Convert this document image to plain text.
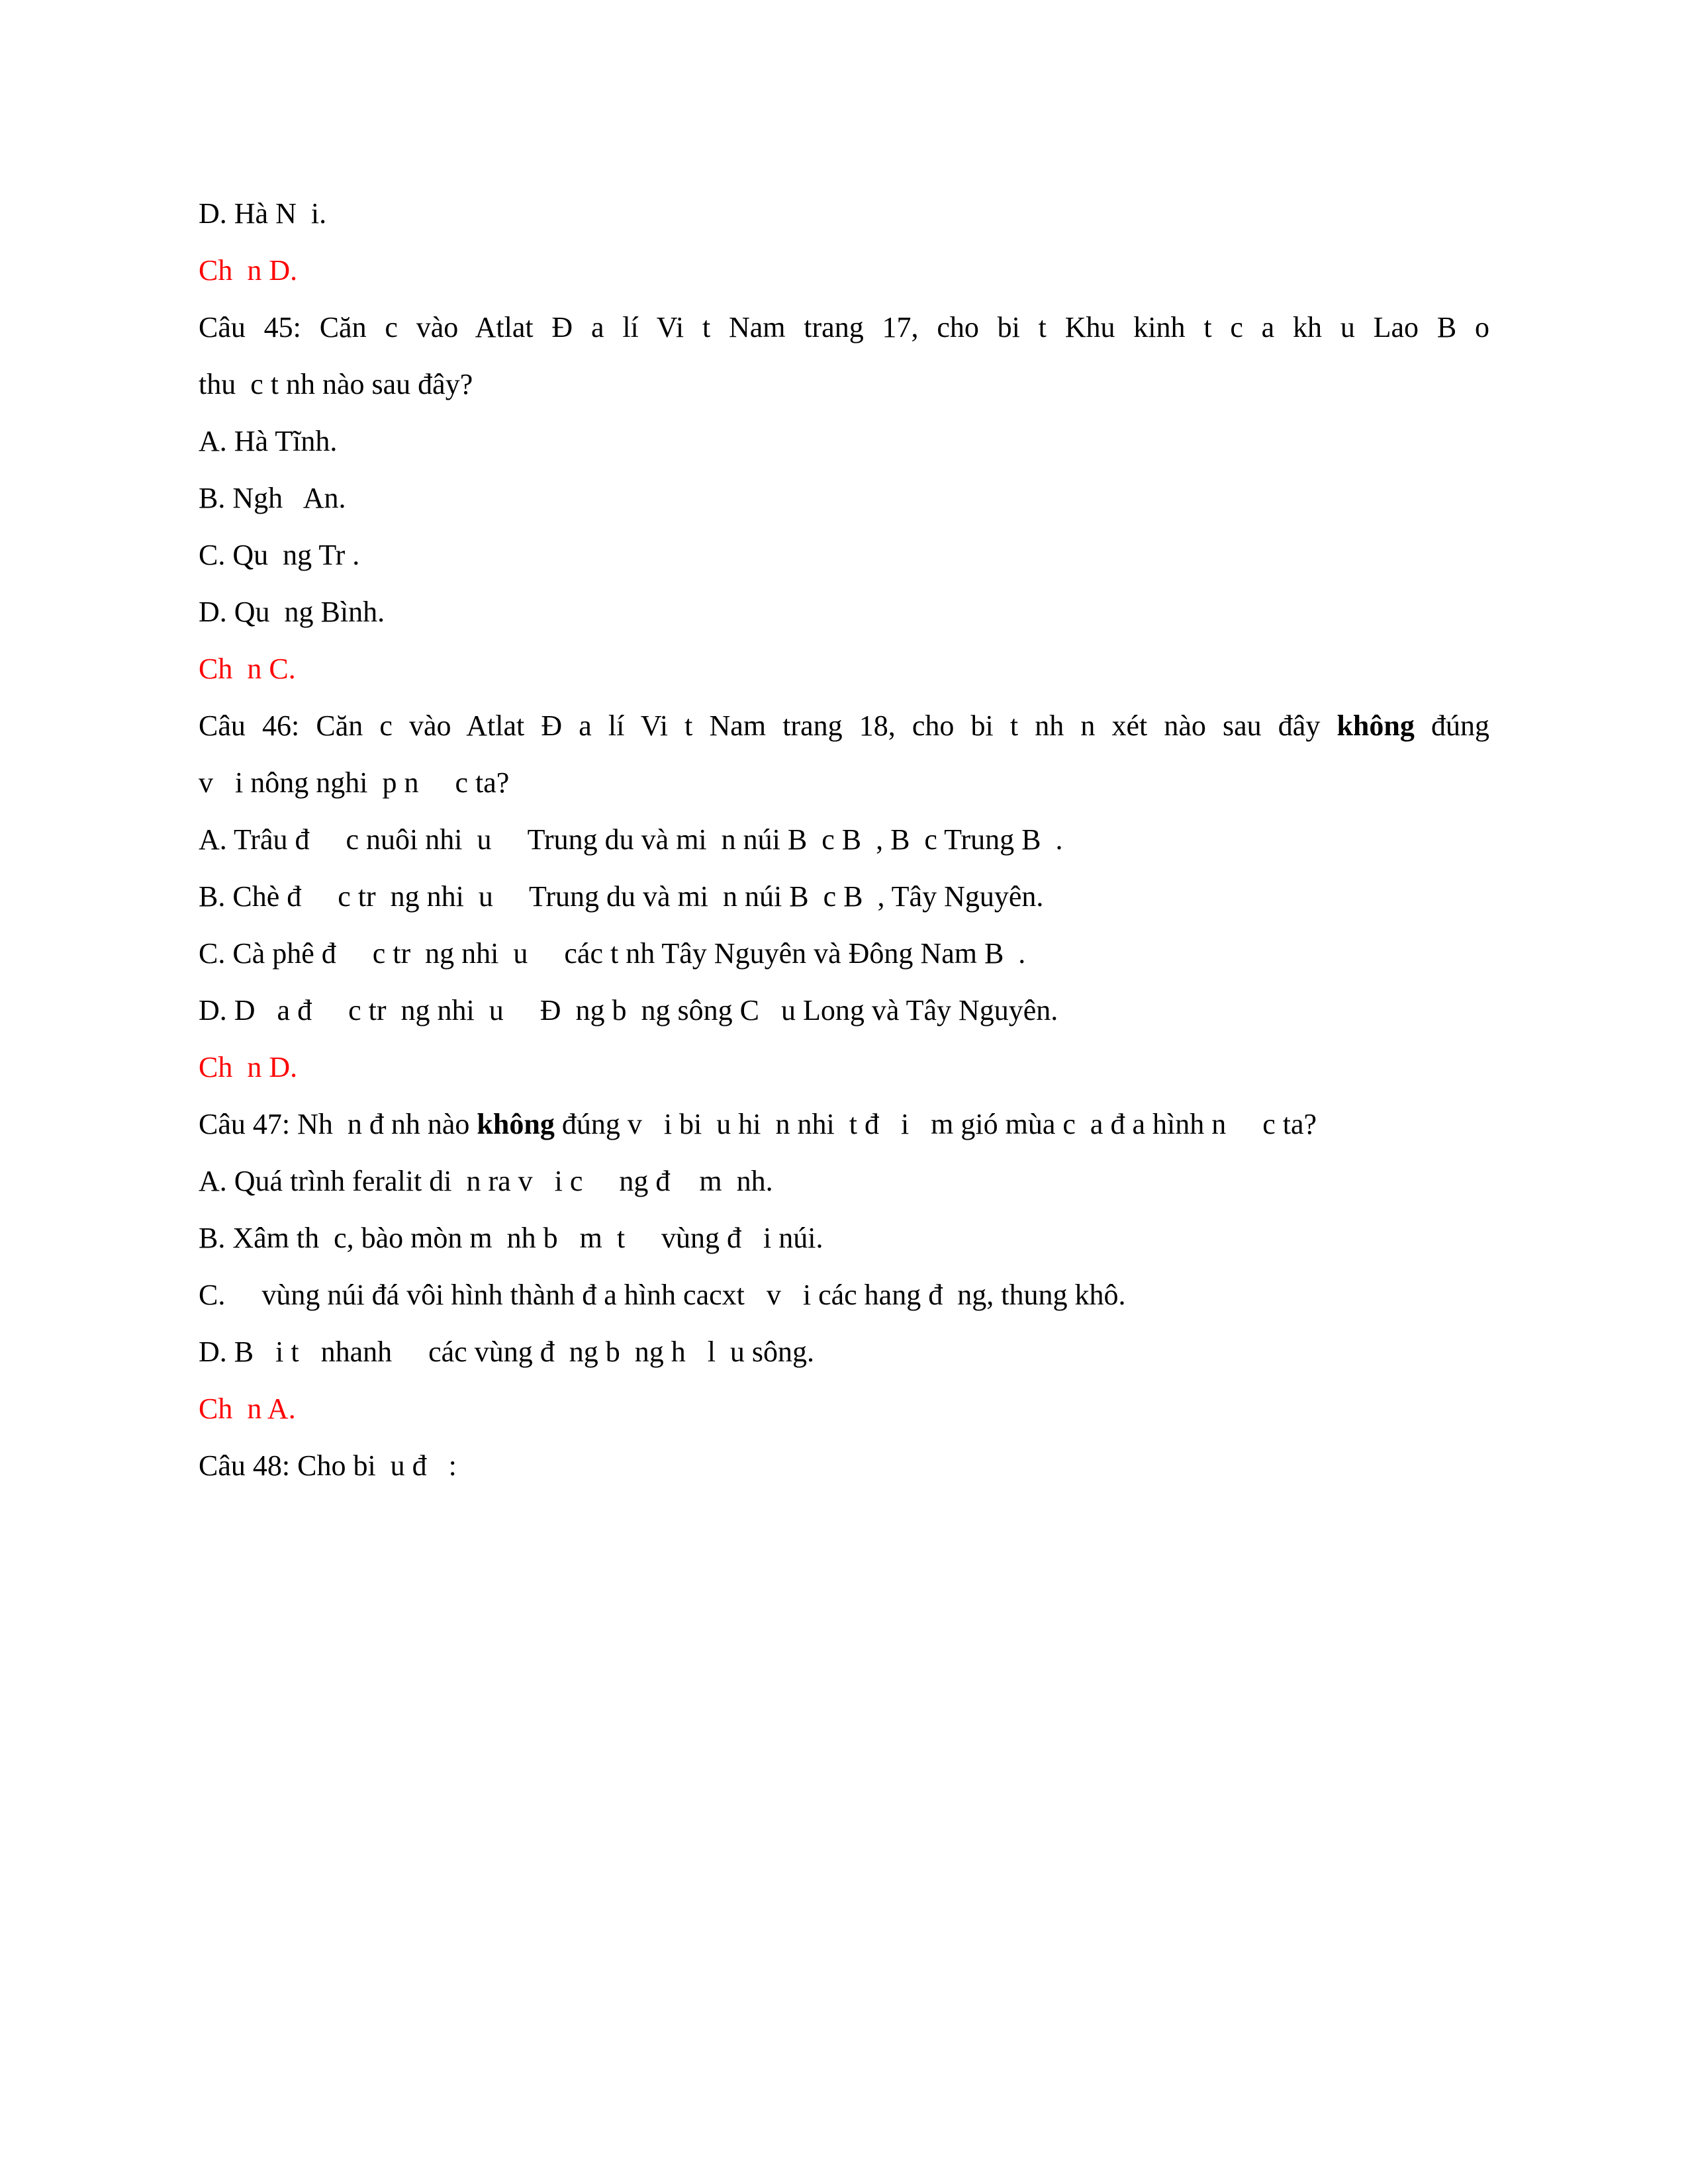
D. Hà N  i.
Ch  n D.
Câu 45: Căn c vào Atlat Đ a lí Vi t Nam trang 17, cho bi t Khu kinh t c a kh u Lao B o
thu  c t nh nào sau đây?
A. Hà Tĩnh.
B. Ngh   An.
C. Qu  ng Tr .
D. Qu  ng Bình.
Ch  n C.
Câu 46: Căn c vào Atlat Đ a lí Vi t Nam trang 18, cho bi t nh n xét nào sau đây không đúng
v   i nông nghi  p n     c ta?
A. Trâu đ     c nuôi nhi  u     Trung du và mi  n núi B  c B  , B  c Trung B  .
B. Chè đ     c tr  ng nhi  u     Trung du và mi  n núi B  c B  , Tây Nguyên.
C. Cà phê đ     c tr  ng nhi  u     các t nh Tây Nguyên và Đông Nam B  .
D. D   a đ     c tr  ng nhi  u     Đ  ng b  ng sông C   u Long và Tây Nguyên.
Ch  n D.
Câu 47: Nh  n đ nh nào không đúng v   i bi  u hi  n nhi  t đ   i   m gió mùa c  a đ a hình n     c ta?
A. Quá trình feralit di  n ra v   i c     ng đ    m  nh.
B. Xâm th  c, bào mòn m  nh b   m  t     vùng đ   i núi.
C.     vùng núi đá vôi hình thành đ a hình cacxt   v   i các hang đ  ng, thung khô.
D. B   i t   nhanh     các vùng đ  ng b  ng h   l  u sông.
Ch  n A.
Câu 48: Cho bi  u đ   :
